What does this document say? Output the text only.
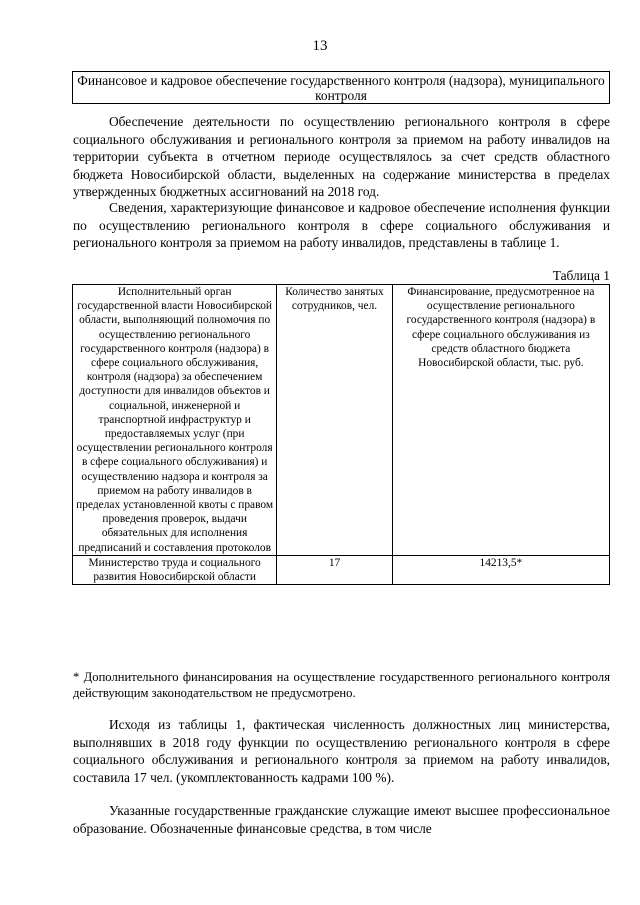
13
Финансовое и кадровое обеспечение государственного контроля (надзора), муниципального контроля

Обеспечение деятельности по осуществлению регионального контроля в сфере социального обслуживания и регионального контроля за приемом на работу инвалидов на территории субъекта в отчетном периоде осуществлялось за счет средств областного бюджета Новосибирской области, выделенных на содержание министерства в пределах утвержденных бюджетных ассигнований на 2018 год.

Сведения, характеризующие финансовое и кадровое обеспечение исполнения функции по осуществлению регионального контроля в сфере социального обслуживания и регионального контроля за приемом на работу инвалидов, представлены в таблице 1.

Таблица 1
Исполнительный орган государственной власти Новосибирской области, выполняющий полномочия по осуществлению регионального государственного контроля (надзора) в сфере социального обслуживания, контроля (надзора) за обеспечением доступности для инвалидов объектов и социальной, инженерной и транспортной инфраструктур и предоставляемых услуг (при осуществлении регионального контроля в сфере социального обслуживания) и осуществлению надзора и контроля за приемом на работу инвалидов в пределах установленной квоты с правом проведения проверок, выдачи обязательных для исполнения предписаний и составления протоколов	Количество занятых сотрудников, чел.	Финансирование, предусмотренное на осуществление регионального государственного контроля (надзора) в сфере социального обслуживания из средств областного бюджета Новосибирской области, тыс. руб.
Министерство труда и социального развития Новосибирской области	17	14213,5*

* Дополнительного финансирования на осуществление государственного регионального контроля действующим законодательством не предусмотрено.

Исходя из таблицы 1, фактическая численность должностных лиц министерства, выполнявших в 2018 году функции по осуществлению регионального контроля в сфере социального обслуживания и регионального контроля за приемом на работу инвалидов, составила 17 чел. (укомплектованность кадрами 100 %).

Указанные государственные гражданские служащие имеют высшее профессиональное образование. Обозначенные финансовые средства, в том числе
